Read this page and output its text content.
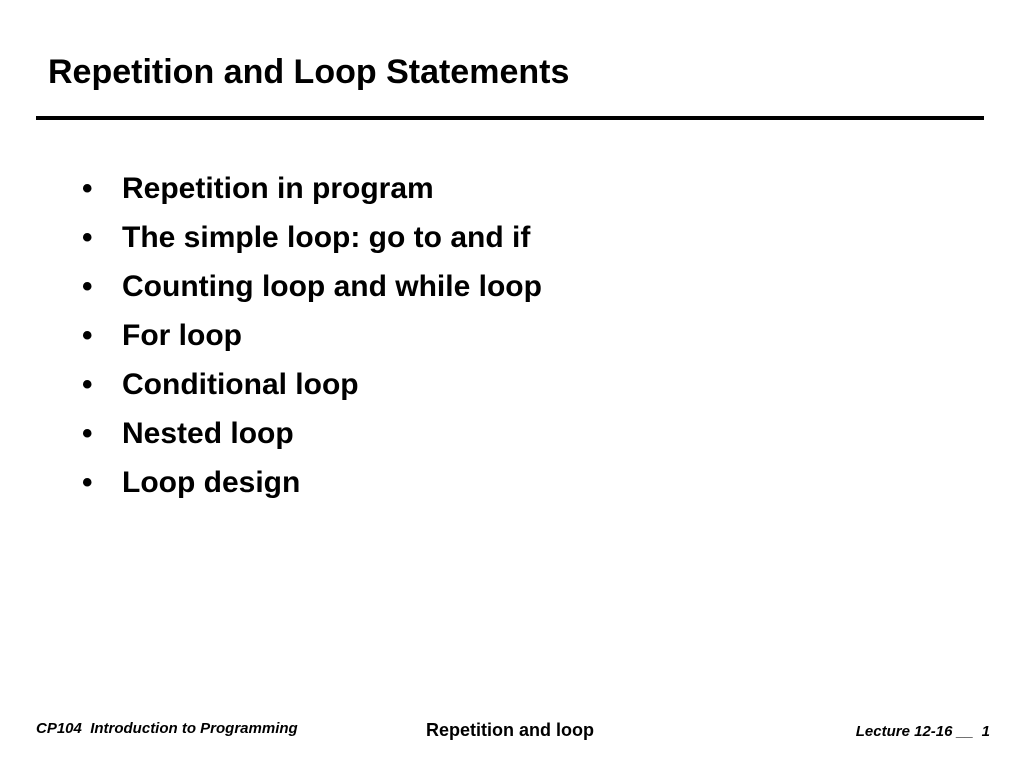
Repetition and Loop Statements
• Repetition in program
• The simple loop: go to and if
• Counting loop and while loop
• For loop
• Conditional loop
• Nested loop
• Loop design
CP104  Introduction to Programming	Repetition and loop	Lecture 12-16 __  1
